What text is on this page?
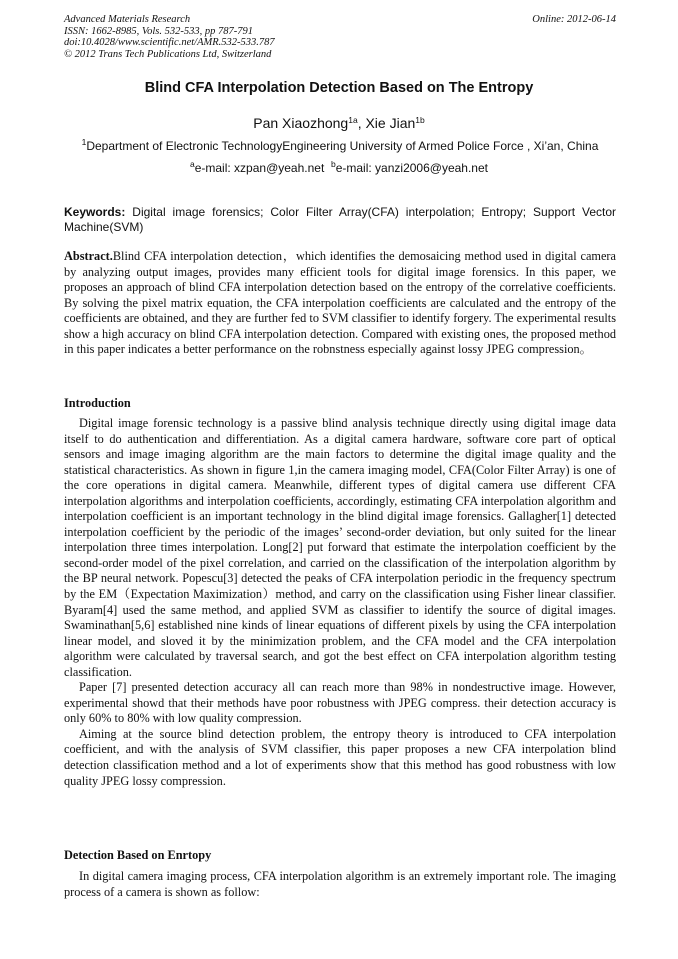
Advanced Materials Research
ISSN: 1662-8985, Vols. 532-533, pp 787-791
doi:10.4028/www.scientific.net/AMR.532-533.787
© 2012 Trans Tech Publications Ltd, Switzerland
Online: 2012-06-14
Blind CFA Interpolation Detection Based on The Entropy
Pan Xiaozhong$^{1a}$, Xie Jian$^{1b}$
$^1$Department of Electronic TechnologyEngineering University of Armed Police Force , Xi’an, China
$^a$e-mail: xzpan@yeah.net $^b$e-mail: yanzi2006@yeah.net
Keywords: Digital image forensics; Color Filter Array(CFA) interpolation; Entropy; Support Vector Machine(SVM)
Abstract.Blind CFA interpolation detection，which identifies the demosaicing method used in digital camera by analyzing output images, provides many efficient tools for digital image forensics. In this paper, we proposes an approach of blind CFA interpolation detection based on the entropy of the correlative coefficients. By solving the pixel matrix equation, the CFA interpolation coefficients are calculated and the entropy of the coefficients are obtained, and they are further fed to SVM classifier to identify forgery. The experimental results show a high accuracy on blind CFA interpolation detection. Compared with existing ones, the proposed method in this paper indicates a better performance on the robnstness especially against lossy JPEG compression。
Introduction

Digital image forensic technology is a passive blind analysis technique directly using digital image data itself to do authentication and differentiation. As a digital camera hardware, software core part of optical sensors and image imaging algorithm are the main factors to determine the digital image quality and the statistical characteristics. As shown in figure 1,in the camera imaging model, CFA(Color Filter Array) is one of the core operations in digital camera. Meanwhile, different types of digital camera use different CFA interpolation algorithms and interpolation coefficients, accordingly, estimating CFA interpolation algorithm and interpolation coefficient is an important technology in the blind digital image forensics. Gallagher[1] detected interpolation coefficient by the periodic of the images’ second-order deviation, but only suited for the linear interpolation three times interpolation. Long[2] put forward that estimate the interpolation coefficient by the second-order model of the pixel correlation, and carried on the classification of the interpolation algorithm by the BP neural network. Popescu[3] detected the peaks of CFA interpolation periodic in the frequency spectrum by the EM（Expectation Maximization）method, and carry on the classification using Fisher linear classifier. Byaram[4] used the same method, and applied SVM as classifier to identify the source of digital images. Swaminathan[5,6] established nine kinds of linear equations of different pixels by using the CFA interpolation linear model, and sloved it by the minimization problem, and the CFA model and the CFA interpolation algorithm were calculated by traversal search, and got the best effect on CFA interpolation algorithm testing classification.

Paper [7] presented detection accuracy all can reach more than 98% in nondestructive image. However, experimental showd that their methods have poor robustness with JPEG compress. their detection accuracy is only 60% to 80% with low quality compression.

Aiming at the source blind detection problem, the entropy theory is introduced to CFA interpolation coefficient, and with the analysis of SVM classifier, this paper proposes a new CFA interpolation blind detection classification method and a lot of experiments show that this method has good robustness with low quality JPEG lossy compression.

Detection Based on Enrtopy

In digital camera imaging process, CFA interpolation algorithm is an extremely important role. The imaging process of a camera is shown as follow:
